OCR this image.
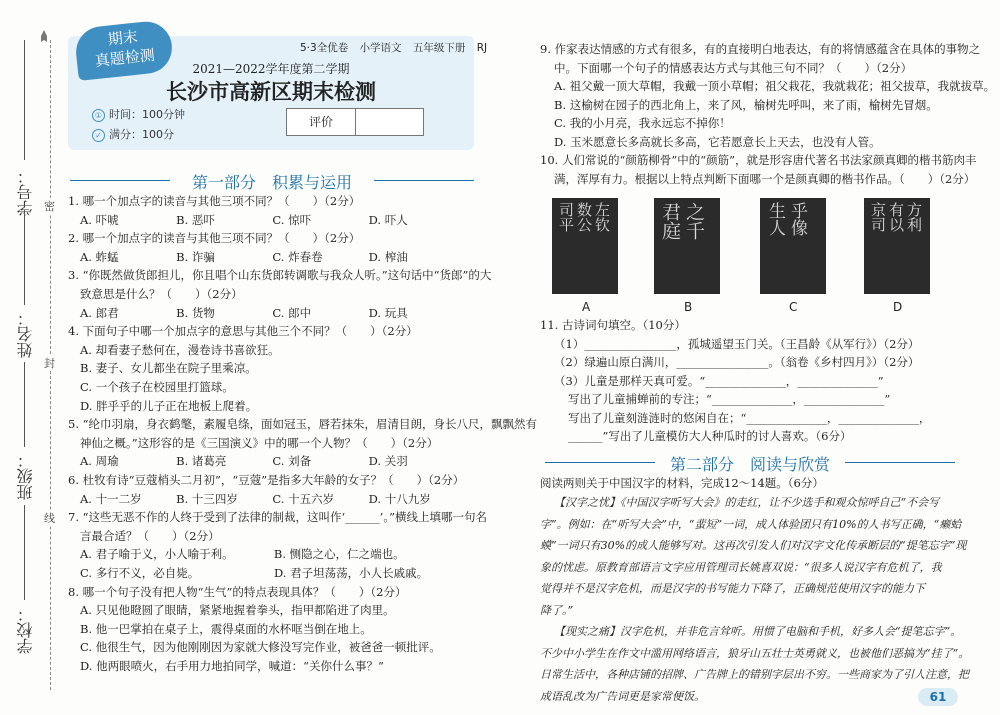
密
封
线
学号：
姓名：
班级：
学校：
期末
真题检测	5·3全优卷 小学语文 五年级下册 RJ
2021—2022学年度第二学期
长沙市高新区期末检测
① 时间：100分钟
✓ 满分：100分
评价
第一部分　积累与运用
司平 数公 左钦	君庭 之千	生人 乎像	京司 有以 方利
A	B	C	D
第二部分　阅读与欣赏
61
1. 哪一个加点字的读音与其他三项不同？（　　）（2分）
A. 吓唬　　　　　B. 恶吓　　　　　C. 惊吓　　　　　D. 吓人
2. 哪一个加点字的读音与其他三项不同？（　　）（2分）
A. 蚱蜢　　　　　B. 诈骗　　　　　C. 炸春卷　　　　D. 榨油
3. “你既然做货郎担儿，你且唱个山东货郎转调歌与我众人听。”这句话中“货郎”的大
致意思是什么？（　　）（2分）
A. 郎君　　　　　B. 货物　　　　　C. 郎中　　　　　D. 玩具
4. 下面句子中哪一个加点字的意思与其他三个不同？（　　）（2分）
A. 却看妻子愁何在，漫卷诗书喜欲狂。
B. 妻子、女儿都坐在院子里乘凉。
C. 一个孩子在校园里打篮球。
D. 胖乎乎的儿子正在地板上爬着。
5. “纶巾羽扇，身衣鹤氅，素履皂绦，面如冠玉，唇若抹朱，眉清目朗，身长八尺，飘飘然有
神仙之概。”这形容的是《三国演义》中的哪一个人物？（　　）（2分）
A. 周瑜　　　　　B. 诸葛亮　　　　C. 刘备　　　　　D. 关羽
6. 杜牧有诗“豆蔻梢头二月初”，“豆蔻”是指多大年龄的女子？（　　）（2分）
A. 十一二岁　　　B. 十三四岁　　　C. 十五六岁　　　D. 十八九岁
7. “这些无恶不作的人终于受到了法律的制裁，这叫作‘______’。”横线上填哪一句名
言最合适？（　　）（2分）
A. 君子喻于义，小人喻于利。　　　　B. 恻隐之心，仁之端也。
C. 多行不义，必自毙。　　　　　　　D. 君子坦荡荡，小人长戚戚。
8. 哪一个句子没有把人物“生气”的特点表现具体？（　　）（2分）
A. 只见他瞪圆了眼睛，紧紧地握着拳头，指甲都陷进了肉里。
B. 他一巴掌拍在桌子上，震得桌面的水杯哐当倒在地上。
C. 他很生气，因为他刚刚因为家就大修没写完作业，被爸爸一顿批评。
D. 他两眼喷火，右手用力地拍同学，喊道：“关你什么事？”
9. 作家表达情感的方式有很多，有的直接明白地表达，有的将情感蕴含在具体的事物之
中。下面哪一个句子的情感表达方式与其他三句不同？（　　）（2分）
A. 祖父戴一顶大草帽，我戴一顶小草帽；祖父栽花，我就栽花；祖父拔草，我就拔草。
B. 这榆树在园子的西北角上，来了风，榆树先呼叫，来了雨，榆树先冒烟。
C. 我的小月亮，我永远忘不掉你！
D. 玉米愿意长多高就长多高，它若愿意长上天去，也没有人管。
10. 人们常说的“颜筋柳骨”中的“颜筋”，就是形容唐代著名书法家颜真卿的楷书筋肉丰
满，浑厚有力。根据以上特点判断下面哪一个是颜真卿的楷书作品。（　　）（2分）
11. 古诗词句填空。（10分）
（1）________________，孤城遥望玉门关。（王昌龄《从军行》）（2分）
（2）绿遍山原白满川，________________。（翁卷《乡村四月》）（2分）
（3）儿童是那样天真可爱。“______________，______________”
写出了儿童捕蝉前的专注；“______________，______________”
写出了儿童刻涟涟时的悠闲自在；“______________，______________，
______”写出了儿童模仿大人种瓜时的讨人喜欢。（6分）
阅读两则关于中国汉字的材料，完成12～14题。（6分）
【汉字之忧】《中国汉字听写大会》的走红，让不少选手和观众惊呼自己“不会写
字”。例如：在“听写大会”中，“蜚短”一词，成人体验团只有10%的人书写正确，“癞蛤
蟆”一词只有30%的成人能够写对。这再次引发人们对汉字文化传承断层的“提笔忘字”现
象的忧虑。原教育部语言文字应用管理司长姚喜双说：“很多人说汉字有危机了，我
觉得并不是汉字危机，而是汉字的书写能力下降了，正确规范使用汉字的能力下
降了。”
【现实之痛】汉字危机，并非危言耸听。用惯了电脑和手机，好多人会“提笔忘字”。
不少中小学生在作文中滥用网络语言，狼牙山五壮士英勇就义，也被他们恶搞为“挂了”。
日常生活中，各种店铺的招牌、广告牌上的错别字层出不穷。一些商家为了引人注意，把
成语乱改为广告词更是家常便饭。
